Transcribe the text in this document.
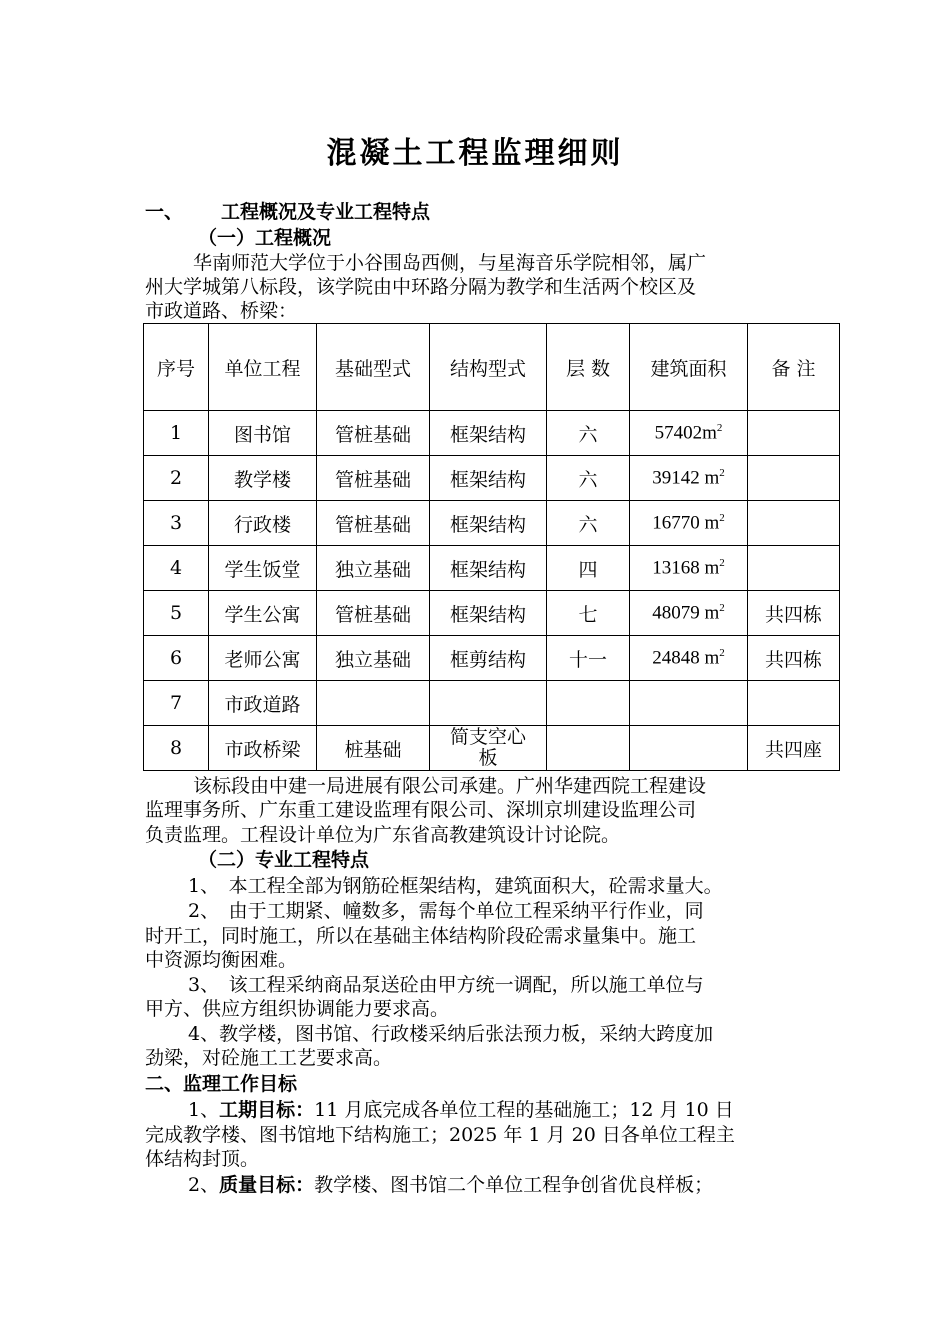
混凝土工程监理细则
一、 工程概况及专业工程特点
（一）工程概况
华南师范大学位于小谷围岛西侧，与星海音乐学院相邻，属广
州大学城第八标段，该学院由中环路分隔为教学和生活两个校区及
市政道路、桥梁：
序号	单位工程	基础型式	结构型式	层 数	建筑面积	备 注
1	图书馆	管桩基础	框架结构	六	$57402m^2$	
2	教学楼	管桩基础	框架结构	六	39142 $m^2$	
3	行政楼	管桩基础	框架结构	六	16770 $m^2$	
4	学生饭堂	独立基础	框架结构	四	13168 $m^2$	
5	学生公寓	管桩基础	框架结构	七	48079 $m^2$	共四栋
6	老师公寓	独立基础	框剪结构	十一	24848 $m^2$	共四栋
7	市政道路					
8	市政桥梁	桩基础	简支空心板			共四座
该标段由中建一局进展有限公司承建。广州华建西院工程建设
监理事务所、广东重工建设监理有限公司、深圳京圳建设监理公司
负责监理。工程设计单位为广东省高教建筑设计讨论院。
（二）专业工程特点
1、　本工程全部为钢筋砼框架结构，建筑面积大，砼需求量大。
2、　由于工期紧、幢数多，需每个单位工程采纳平行作业，同
时开工，同时施工，所以在基础主体结构阶段砼需求量集中。施工
中资源均衡困难。
3、　该工程采纳商品泵送砼由甲方统一调配，所以施工单位与
甲方、供应方组织协调能力要求高。
4、教学楼，图书馆、行政楼采纳后张法预力板，采纳大跨度加
劲梁，对砼施工工艺要求高。
二、监理工作目标
1、工期目标：11 月底完成各单位工程的基础施工；12 月 10 日
完成教学楼、图书馆地下结构施工；2025 年 1 月 20 日各单位工程主
体结构封顶。
2、质量目标：教学楼、图书馆二个单位工程争创省优良样板；
